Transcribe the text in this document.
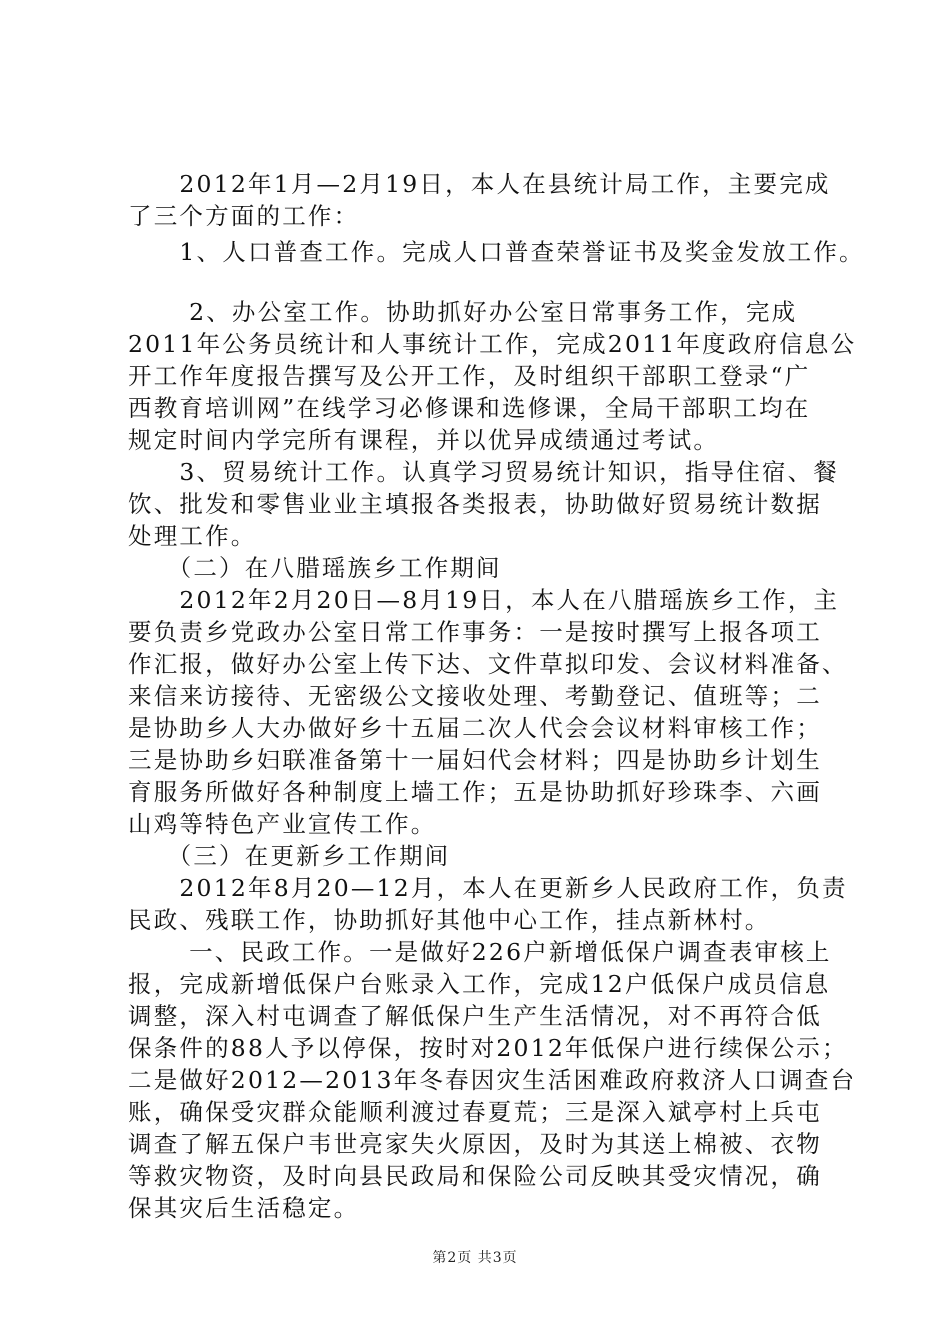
　　2012年1月—2月19日，本人在县统计局工作，主要完成
了三个方面的工作：
　　1、人口普查工作。完成人口普查荣誉证书及奖金发放工作。
　　 2、办公室工作。协助抓好办公室日常事务工作，完成
2011年公务员统计和人事统计工作，完成2011年度政府信息公
开工作年度报告撰写及公开工作，及时组织干部职工登录“广
西教育培训网”在线学习必修课和选修课，全局干部职工均在
规定时间内学完所有课程，并以优异成绩通过考试。
　　3、贸易统计工作。认真学习贸易统计知识，指导住宿、餐
饮、批发和零售业业主填报各类报表，协助做好贸易统计数据
处理工作。
　　（二）在八腊瑶族乡工作期间
　　2012年2月20日—8月19日，本人在八腊瑶族乡工作，主
要负责乡党政办公室日常工作事务：一是按时撰写上报各项工
作汇报，做好办公室上传下达、文件草拟印发、会议材料准备、
来信来访接待、无密级公文接收处理、考勤登记、值班等；二
是协助乡人大办做好乡十五届二次人代会会议材料审核工作；
三是协助乡妇联准备第十一届妇代会材料；四是协助乡计划生
育服务所做好各种制度上墙工作；五是协助抓好珍珠李、六画
山鸡等特色产业宣传工作。
　　（三）在更新乡工作期间
　　2012年8月20—12月，本人在更新乡人民政府工作，负责
民政、残联工作，协助抓好其他中心工作，挂点新林村。
　　 一、民政工作。一是做好226户新增低保户调查表审核上
报，完成新增低保户台账录入工作，完成12户低保户成员信息
调整，深入村屯调查了解低保户生产生活情况，对不再符合低
保条件的88人予以停保，按时对2012年低保户进行续保公示；
二是做好2012—2013年冬春因灾生活困难政府救济人口调查台
账，确保受灾群众能顺利渡过春夏荒；三是深入斌亭村上兵屯
调查了解五保户韦世亮家失火原因，及时为其送上棉被、衣物
等救灾物资，及时向县民政局和保险公司反映其受灾情况，确
保其灾后生活稳定。
第2页 共3页
